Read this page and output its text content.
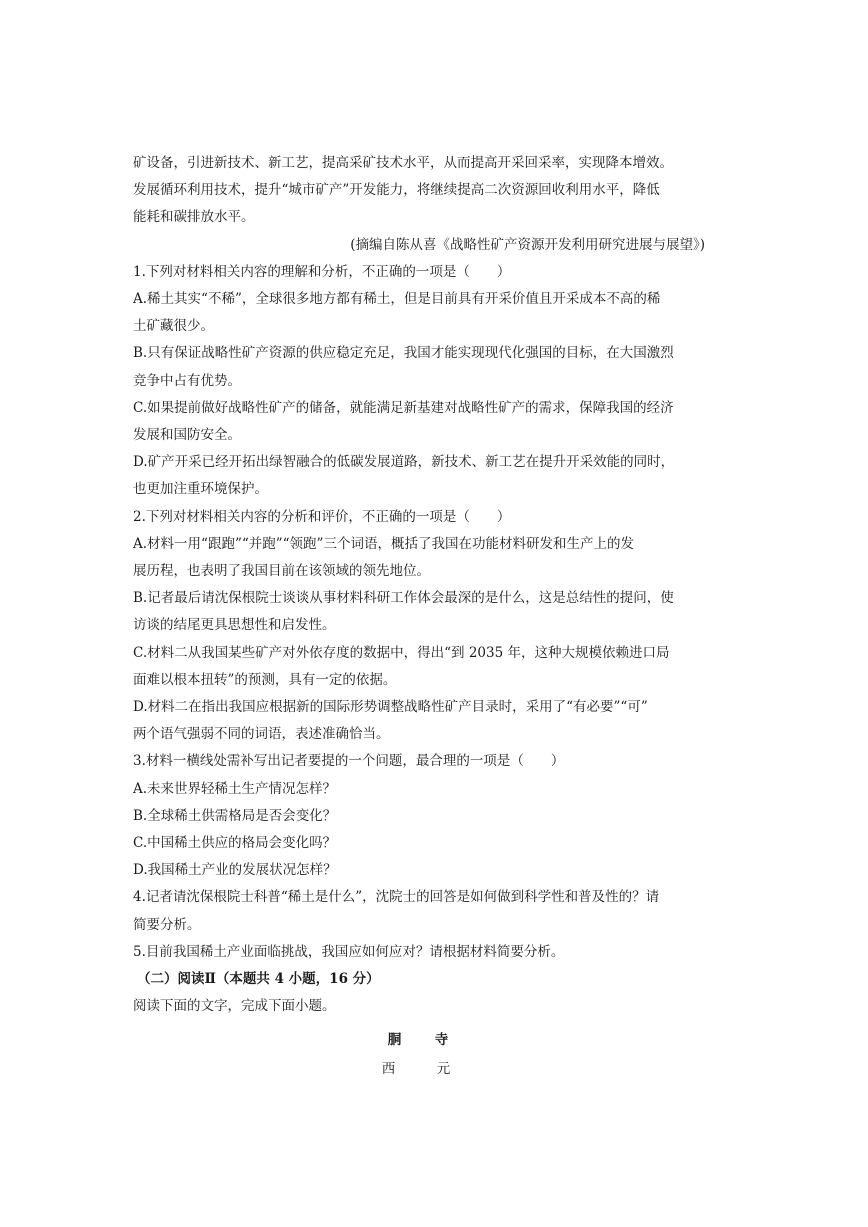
矿设备，引进新技术、新工艺，提高采矿技术水平，从而提高开采回采率，实现降本增效。
发展循环利用技术，提升“城市矿产”开发能力，将继续提高二次资源回收利用水平，降低
能耗和碳排放水平。
(摘编自陈从喜《战略性矿产资源开发利用研究进展与展望》)
1.下列对材料相关内容的理解和分析，不正确的一项是（　　）
A.稀土其实“不稀”，全球很多地方都有稀土，但是目前具有开采价值且开采成本不高的稀
土矿藏很少。
B.只有保证战略性矿产资源的供应稳定充足，我国才能实现现代化强国的目标，在大国激烈
竞争中占有优势。
C.如果提前做好战略性矿产的储备，就能满足新基建对战略性矿产的需求，保障我国的经济
发展和国防安全。
D.矿产开采已经开拓出绿智融合的低碳发展道路，新技术、新工艺在提升开采效能的同时，
也更加注重环境保护。
2.下列对材料相关内容的分析和评价，不正确的一项是（　　）
A.材料一用“跟跑”“并跑”“领跑”三个词语，概括了我国在功能材料研发和生产上的发
展历程，也表明了我国目前在该领域的领先地位。
B.记者最后请沈保根院士谈谈从事材料科研工作体会最深的是什么，这是总结性的提问，使
访谈的结尾更具思想性和启发性。
C.材料二从我国某些矿产对外依存度的数据中，得出“到 2035 年，这种大规模依赖进口局
面难以根本扭转”的预测，具有一定的依据。
D.材料二在指出我国应根据新的国际形势调整战略性矿产目录时，采用了“有必要”“可”
两个语气强弱不同的词语，表述准确恰当。
3.材料一横线处需补写出记者要提的一个问题，最合理的一项是（　　）
A.未来世界轻稀土生产情况怎样？
B.全球稀土供需格局是否会变化？
C.中国稀土供应的格局会变化吗？
D.我国稀土产业的发展状况怎样？
4.记者请沈保根院士科普“稀土是什么”，沈院士的回答是如何做到科学性和普及性的？请
简要分析。
5.目前我国稀土产业面临挑战，我国应如何应对？请根据材料简要分析。
（二）阅读Ⅱ（本题共 4 小题，16 分）
阅读下面的文字，完成下面小题。
胴　寺
西　元
